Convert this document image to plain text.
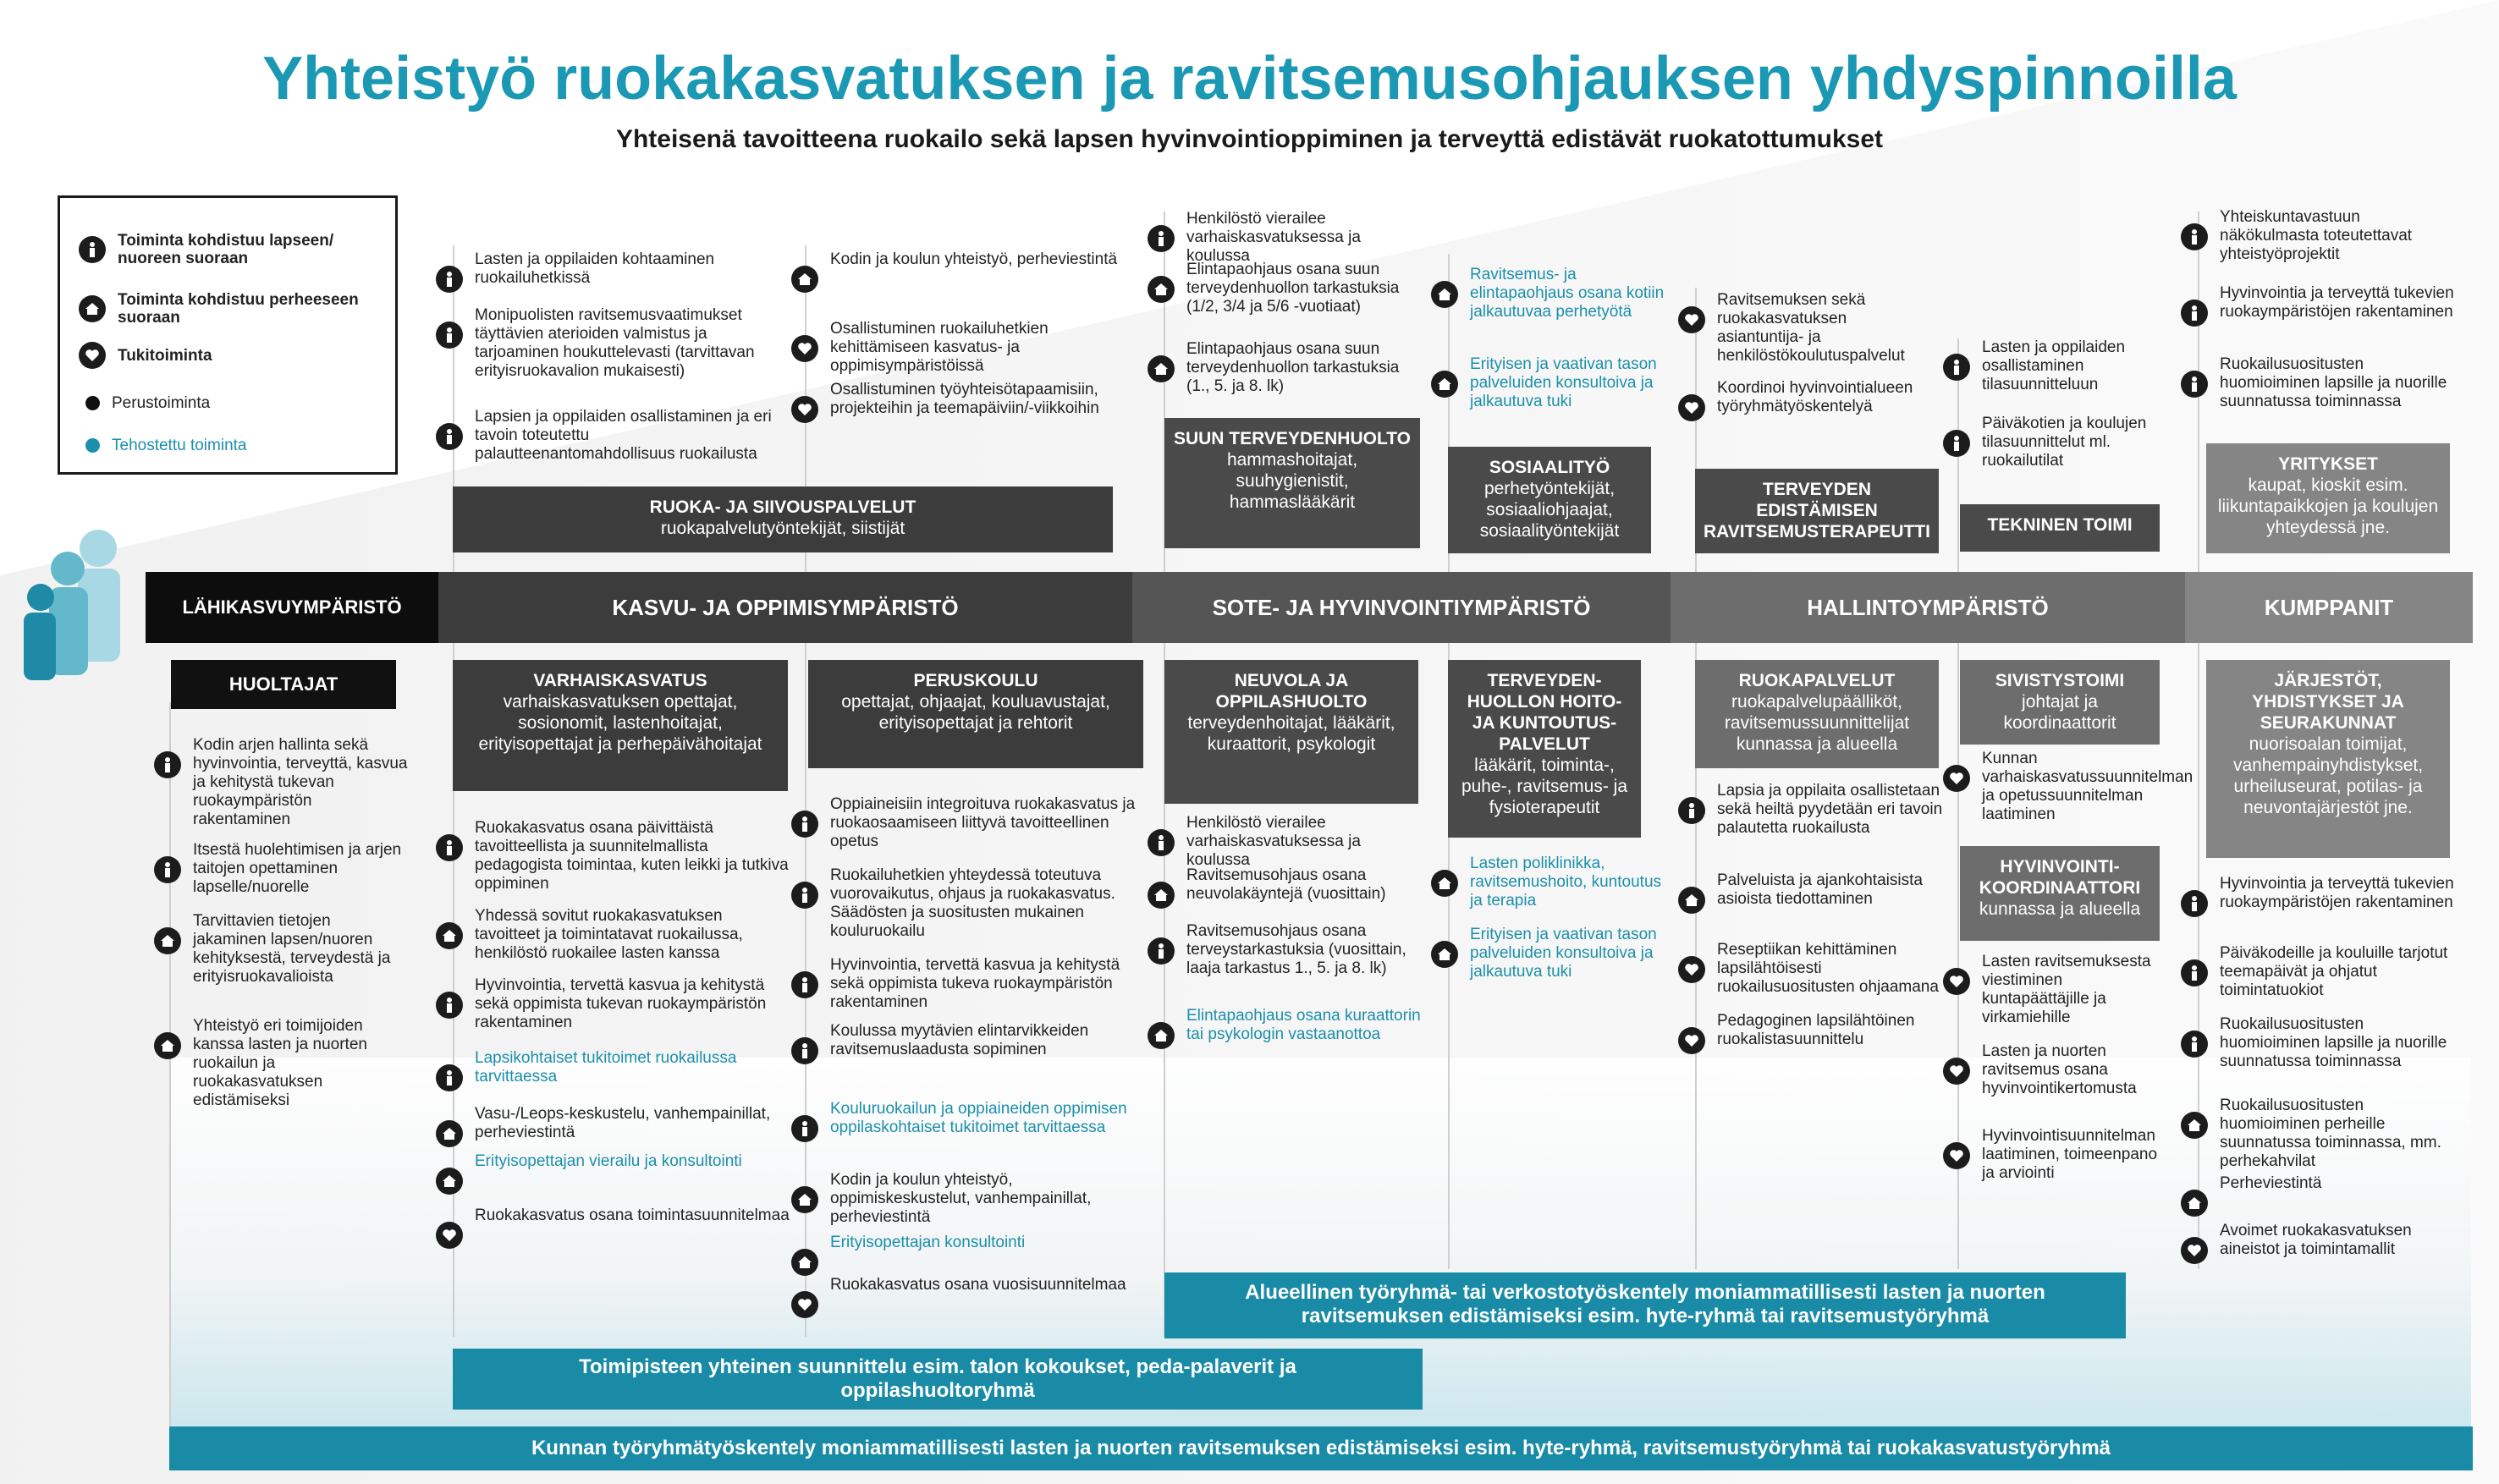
Yhteistyö ruokakasvatuksen ja ravitsemusohjauksen yhdyspinnoilla
Yhteisenä tavoitteena ruokailo sekä lapsen hyvinvointioppiminen ja terveyttä edistävät ruokatottumukset
Toiminta kohdistuu lapseen/ nuoreen suoraan
Toiminta kohdistuu perheeseen suoraan
Tukitoiminta
Perustoiminta
Tehostettu toiminta
LÄHIKASVUYMPÄRISTÖ	KASVU- JA OPPIMISYMPÄRISTÖ	SOTE- JA HYVINVOINTIYMPÄRISTÖ	HALLINTOYMPÄRISTÖ	KUMPPANIT
RUOKA- JA SIIVOUSPALVELUT
ruokapalvelutyöntekijät, siistijät
SUUN TERVEYDENHUOLTO
hammashoitajat, suuhygienistit, hammaslääkärit
SOSIAALITYÖ
perhetyöntekijät, sosiaaliohjaajat, sosiaalityöntekijät
TERVEYDEN EDISTÄMISEN RAVITSEMUSTERAPEUTTI	TEKNINEN TOIMI
YRITYKSET
kaupat, kioskit esim. liikuntapaikkojen ja koulujen yhteydessä jne.
HUOLTAJAT	VARHAISKASVATUS
varhaiskasvatuksen opettajat, sosionomit, lastenhoitajat, erityisopettajat ja perhepäivähoitajat
PERUSKOULU
opettajat, ohjaajat, kouluavustajat, erityisopettajat ja rehtorit
NEUVOLA JA OPPILASHUOLTO
terveydenhoitajat, lääkärit, kuraattorit, psykologit
TERVEYDEN-HUOLLON HOITO- JA KUNTOUTUS-PALVELUT
lääkärit, toiminta-, puhe-, ravitsemus- ja fysioterapeutit
RUOKAPALVELUT
ruokapalvelupäälliköt, ravitsemussuunnittelijat kunnassa ja alueella
SIVISTYSTOIMI
johtajat ja koordinaattorit
HYVINVOINTI-KOORDINAATTORI
kunnassa ja alueella
JÄRJESTÖT, YHDISTYKSET JA SEURAKUNNAT
nuorisoalan toimijat, vanhempainyhdistykset, urheiluseurat, potilas- ja neuvontajärjestöt jne.
Lasten ja oppilaiden kohtaaminen ruokailuhetkissä
Monipuolisten ravitsemusvaatimukset täyttävien aterioiden valmistus ja tarjoaminen houkuttelevasti (tarvittavan erityisruokavalion mukaisesti)
Lapsien ja oppilaiden osallistaminen ja eri tavoin toteutettu palautteenantomahdollisuus ruokailusta
Kodin ja koulun yhteistyö, perheviestintä
Osallistuminen ruokailuhetkien kehittämiseen kasvatus- ja oppimisympäristöissä
Osallistuminen työyhteisötapaamisiin, projekteihin ja teemapäiviin/-viikkoihin
Henkilöstö vierailee varhaiskasvatuksessa ja koulussa
Elintapaohjaus osana suun terveydenhuollon tarkastuksia (1/2, 3/4 ja 5/6 -vuotiaat)
Elintapaohjaus osana suun terveydenhuollon tarkastuksia (1., 5. ja 8. lk)
Ravitsemus- ja elintapaohjaus osana kotiin jalkautuvaa perhetyötä
Erityisen ja vaativan tason palveluiden konsultoiva ja jalkautuva tuki
Ravitsemuksen sekä ruokakasvatuksen asiantuntija- ja henkilöstökoulutuspalvelut
Koordinoi hyvinvointialueen työryhmätyöskentelyä
Lasten ja oppilaiden osallistaminen tilasuunnitteluun
Päiväkotien ja koulujen tilasuunnittelut ml. ruokailutilat
Yhteiskuntavastuun näkökulmasta toteutettavat yhteistyöprojektit
Hyvinvointia ja terveyttä tukevien ruokaympäristöjen rakentaminen
Ruokailusuositusten huomioiminen lapsille ja nuorille suunnatussa toiminnassa
Kodin arjen hallinta sekä hyvinvointia, terveyttä, kasvua ja kehitystä tukevan ruokaympäristön rakentaminen
Itsestä huolehtimisen ja arjen taitojen opettaminen lapselle/nuorelle
Tarvittavien tietojen jakaminen lapsen/nuoren kehityksestä, terveydestä ja erityisruokavalioista
Yhteistyö eri toimijoiden kanssa lasten ja nuorten ruokailun ja ruokakasvatuksen edistämiseksi
Ruokakasvatus osana päivittäistä tavoitteellista ja suunnitelmallista pedagogista toimintaa, kuten leikki ja tutkiva oppiminen
Yhdessä sovitut ruokakasvatuksen tavoitteet ja toimintatavat ruokailussa, henkilöstö ruokailee lasten kanssa
Hyvinvointia, tervettä kasvua ja kehitystä sekä oppimista tukevan ruokaympäristön rakentaminen
Lapsikohtaiset tukitoimet ruokailussa tarvittaessa
Vasu-/Leops-keskustelu, vanhempainillat, perheviestintä
Erityisopettajan vierailu ja konsultointi
Ruokakasvatus osana toimintasuunnitelmaa
Oppiaineisiin integroituva ruokakasvatus ja ruokaosaamiseen liittyvä tavoitteellinen opetus
Ruokailuhetkien yhteydessä toteutuva vuorovaikutus, ohjaus ja ruokakasvatus. Säädösten ja suositusten mukainen kouluruokailu
Hyvinvointia, tervettä kasvua ja kehitystä sekä oppimista tukeva ruokaympäristön rakentaminen
Koulussa myytävien elintarvikkeiden ravitsemuslaadusta sopiminen
Kouluruokailun ja oppiaineiden oppimisen oppilaskohtaiset tukitoimet tarvittaessa
Kodin ja koulun yhteistyö, oppimiskeskustelut, vanhempainillat, perheviestintä
Erityisopettajan konsultointi
Ruokakasvatus osana vuosisuunnitelmaa
Henkilöstö vierailee varhaiskasvatuksessa ja koulussa
Ravitsemusohjaus osana neuvolakäyntejä (vuosittain)
Ravitsemusohjaus osana terveystarkastuksia (vuosittain, laaja tarkastus 1., 5. ja 8. lk)
Elintapaohjaus osana kuraattorin tai psykologin vastaanottoa
Lasten poliklinikka, ravitsemushoito, kuntoutus ja terapia
Erityisen ja vaativan tason palveluiden konsultoiva ja jalkautuva tuki
Lapsia ja oppilaita osallistetaan sekä heiltä pyydetään eri tavoin palautetta ruokailusta
Palveluista ja ajankohtaisista asioista tiedottaminen
Reseptiikan kehittäminen lapsilähtöisesti ruokailusuositusten ohjaamana
Pedagoginen lapsilähtöinen ruokalistasuunnittelu
Kunnan varhaiskasvatussuunnitelman ja opetussuunnitelman laatiminen
Lasten ravitsemuksesta viestiminen kuntapäättäjille ja virkamiehille
Lasten ja nuorten ravitsemus osana hyvinvointikertomusta
Hyvinvointisuunnitelman laatiminen, toimeenpano ja arviointi
Hyvinvointia ja terveyttä tukevien ruokaympäristöjen rakentaminen
Päiväkodeille ja kouluille tarjotut teemapäivät ja ohjatut toimintatuokiot
Ruokailusuositusten huomioiminen lapsille ja nuorille suunnatussa toiminnassa
Ruokailusuositusten huomioiminen perheille suunnatussa toiminnassa, mm. perhekahvilat
Perheviestintä
Avoimet ruokakasvatuksen aineistot ja toimintamallit
Alueellinen työryhmä- tai verkostotyöskentely moniammatillisesti lasten ja nuorten ravitsemuksen edistämiseksi esim. hyte-ryhmä tai ravitsemustyöryhmä
Toimipisteen yhteinen suunnittelu esim. talon kokoukset, peda-palaverit ja oppilashuoltoryhmä
Kunnan työryhmätyöskentely moniammatillisesti lasten ja nuorten ravitsemuksen edistämiseksi esim. hyte-ryhmä, ravitsemustyöryhmä tai ruokakasvatustyöryhmä
